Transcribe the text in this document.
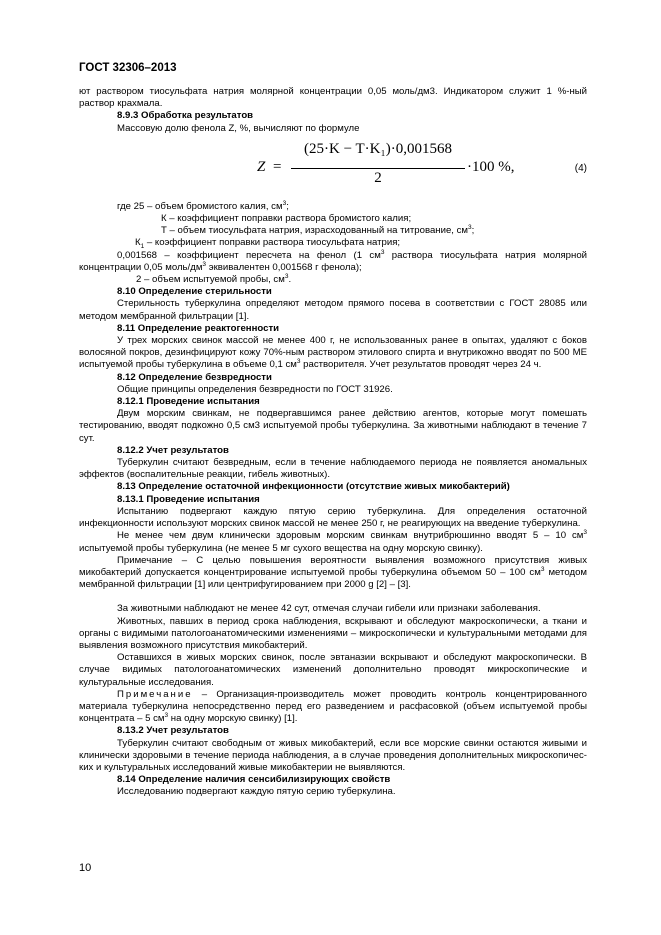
ГОСТ 32306–2013

ют раствором тиосульфата натрия молярной концентрации 0,05 моль/дм3. Индикатором служит 1 %-ный раствор крахмала.

8.9.3 Обработка результатов

Массовую долю фенола Z, %, вычисляют по формуле

Z =
(25·K − T·K₁)·0,001568
2
·100 %,	(4)

где 25 – объем бромистого калия, $см^3$;

К – коэффициент поправки раствора бромистого калия;

Т – объем тиосульфата натрия, израсходованный на титрование, $см^3$;

$К_1$ – коэффициент поправки раствора тиосульфата натрия;

0,001568 – коэффициент пересчета на фенол (1 $см^3$ раствора тиосульфата натрия молярной концентрации 0,05 моль/$дм^3$ эквивалентен 0,001568 г фенола);

2 – объем испытуемой пробы, $см^3$.

8.10 Определение стерильности

Стерильность туберкулина определяют методом прямого посева в соответствии с ГОСТ 28085 или методом мембранной фильтрации [1].

8.11 Определение реактогенности

У трех морских свинок массой не менее 400 г, не использованных ранее в опытах, удаляют с боков волосяной покров, дезинфицируют кожу 70%-ным раствором этилового спирта и внутрикожно вводят по 500 МЕ испытуемой пробы туберкулина в объеме 0,1 $см^3$ растворителя. Учет результатов проводят через 24 ч.

8.12 Определение безвредности

Общие принципы определения безвредности по ГОСТ 31926.

8.12.1 Проведение испытания

Двум морским свинкам, не подвергавшимся ранее действию агентов, которые могут помешать тестированию, вводят подкожно 0,5 см3 испытуемой пробы туберкулина. За животными наблюдают в течение 7 сут.

8.12.2 Учет результатов

Туберкулин считают безвредным, если в течение наблюдаемого периода не появляется аномальных эффектов (воспалительные реакции, гибель животных).

8.13 Определение остаточной инфекционности (отсутствие живых микобактерий)

8.13.1 Проведение испытания

Испытанию подвергают каждую пятую серию туберкулина. Для определения остаточной инфекционности используют морских свинок массой не менее 250 г, не реагирующих на введение туберкулина.

Не менее чем двум клинически здоровым морским свинкам внутрибрюшинно вводят 5 – 10 $см^3$ испытуемой пробы туберкулина (не менее 5 мг сухого вещества на одну морскую свинку).

Примечание – С целью повышения вероятности выявления возможного присутствия живых микобактерий допускается концентрирование испытуемой пробы туберкулина объемом 50 – 100 $см^3$ методом мембранной фильтрации [1] или центрифугированием при 2000 g [2] – [3].

За животными наблюдают не менее 42 сут, отмечая случаи гибели или признаки заболевания.

Животных, павших в период срока наблюдения, вскрывают и обследуют макроскопически, а ткани и органы с видимыми патологоанатомическими изменениями – микроскопически и культуральными методами для выявления возможного присутствия микобактерий.

Оставшихся в живых морских свинок, после эвтаназии вскрывают и обследуют макроскопически. В случае видимых патологоанатомических изменений дополнительно проводят микроскопические и культуральные исследования.

Примечание – Организация-производитель может проводить контроль концентрированного материала туберкулина непосредственно перед его разведением и расфасовкой (объем испытуемой пробы концентрата – 5 $см^3$ на одну морскую свинку) [1].

8.13.2 Учет результатов

Туберкулин считают свободным от живых микобактерий, если все морские свинки остаются живыми и клинически здоровыми в течение периода наблюдения, а в случае проведения дополнительных микроскопичес-ких и культуральных исследований живые микобактерии не выявляются.

8.14 Определение наличия сенсибилизирующих свойств

Исследованию подвергают каждую пятую серию туберкулина.

10
